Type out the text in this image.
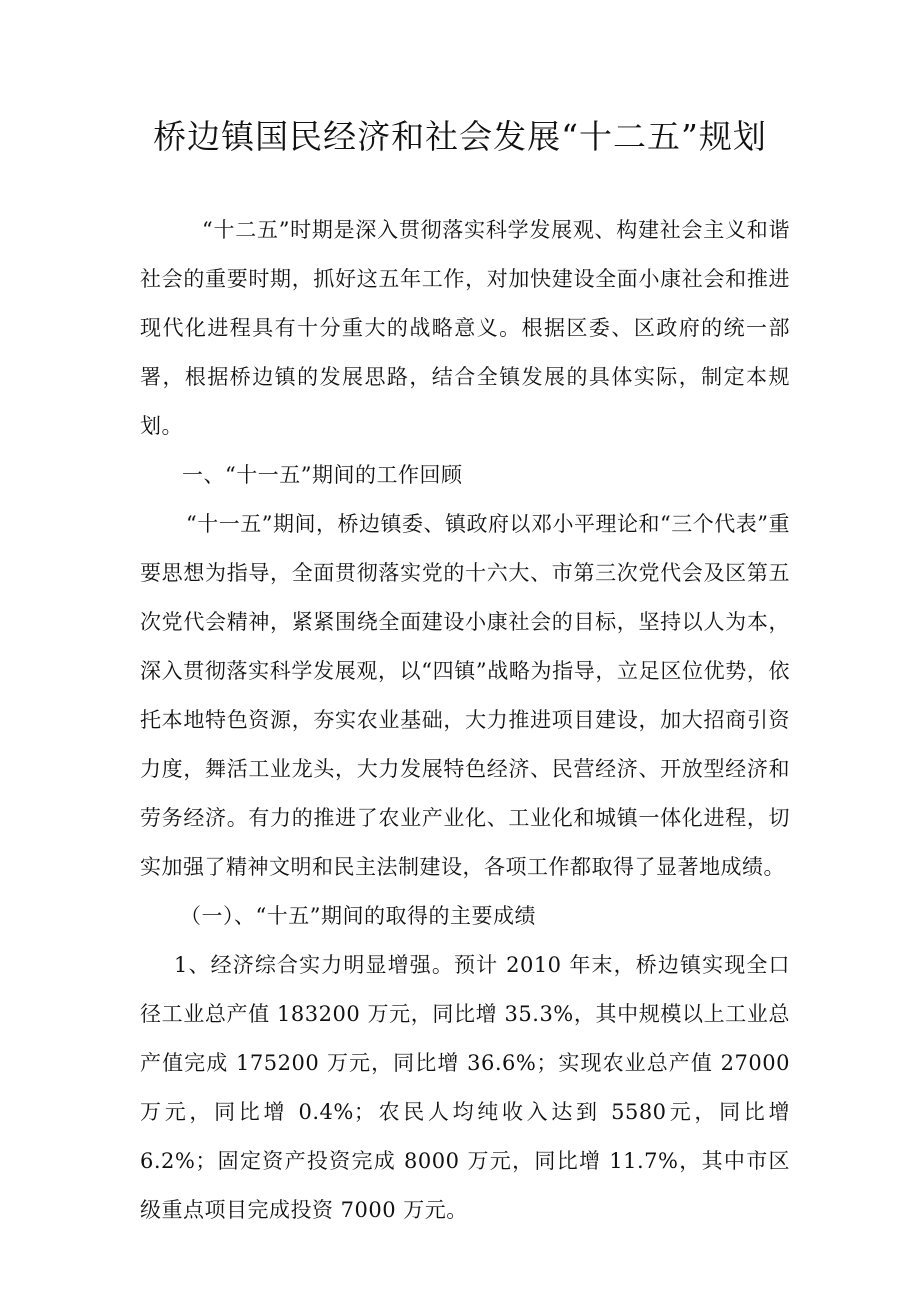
桥边镇国民经济和社会发展“十二五”规划

“十二五”时期是深入贯彻落实科学发展观、构建社会主义和谐社会的重要时期，抓好这五年工作，对加快建设全面小康社会和推进现代化进程具有十分重大的战略意义。根据区委、区政府的统一部署，根据桥边镇的发展思路，结合全镇发展的具体实际，制定本规划。

一、“十一五”期间的工作回顾

“十一五”期间，桥边镇委、镇政府以邓小平理论和“三个代表”重要思想为指导，全面贯彻落实党的十六大、市第三次党代会及区第五次党代会精神，紧紧围绕全面建设小康社会的目标，坚持以人为本，深入贯彻落实科学发展观，以“四镇”战略为指导，立足区位优势，依托本地特色资源，夯实农业基础，大力推进项目建设，加大招商引资力度，舞活工业龙头，大力发展特色经济、民营经济、开放型经济和劳务经济。有力的推进了农业产业化、工业化和城镇一体化进程，切实加强了精神文明和民主法制建设，各项工作都取得了显著地成绩。

（一）、“十五”期间的取得的主要成绩

1、经济综合实力明显增强。预计 2010 年末，桥边镇实现全口径工业总产值 183200 万元，同比增 35.3%，其中规模以上工业总产值完成 175200 万元，同比增 36.6%；实现农业总产值 27000 万元，同比增 0.4%；农民人均纯收入达到 5580元，同比增 6.2%；固定资产投资完成 8000 万元，同比增 11.7%，其中市区级重点项目完成投资 7000 万元。
